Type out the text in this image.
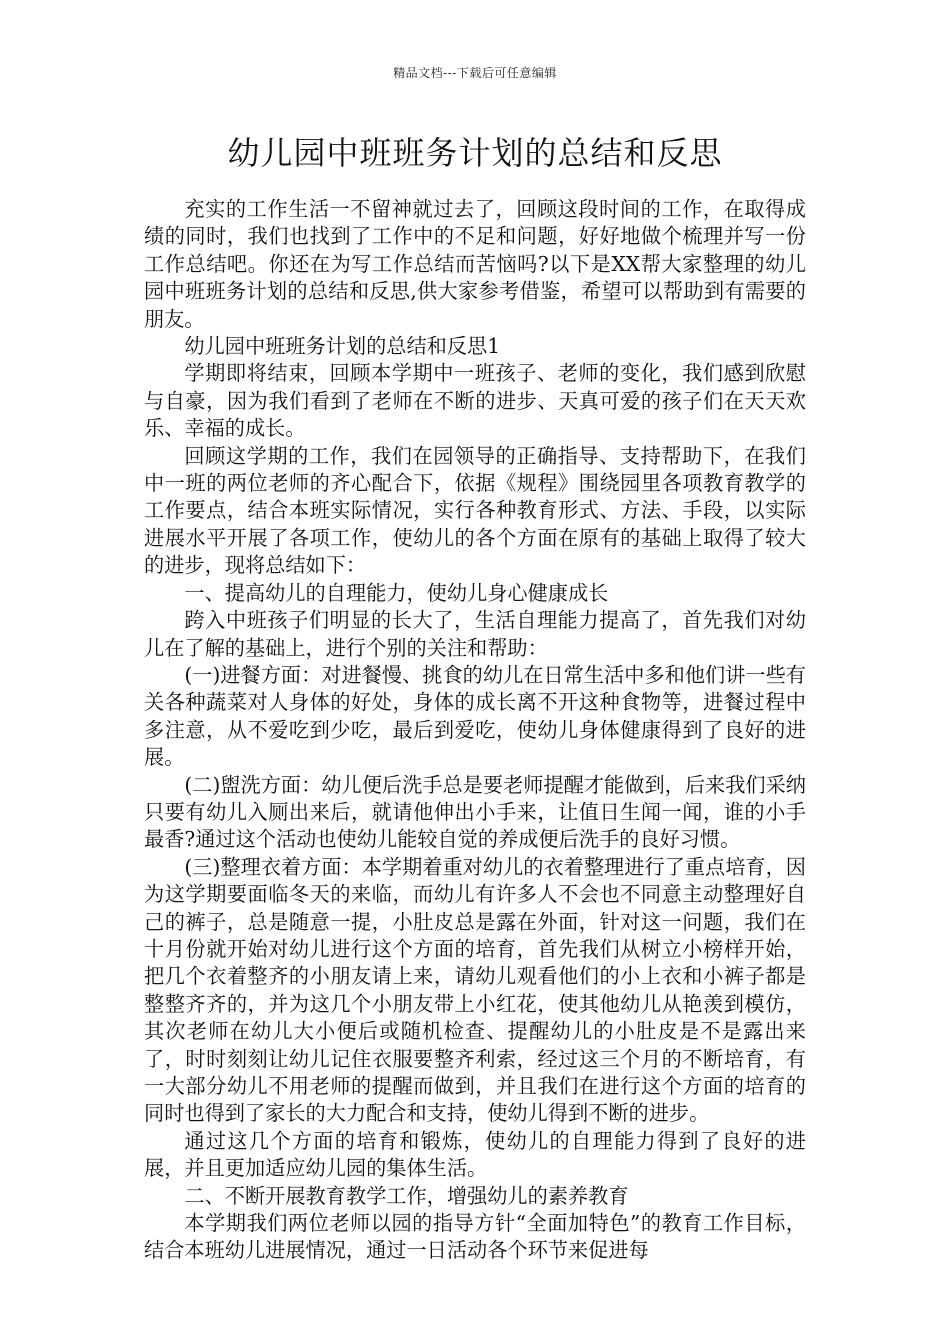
精品文档---下载后可任意编辑
幼儿园中班班务计划的总结和反思

充实的工作生活一不留神就过去了，回顾这段时间的工作，在取得成绩的同时，我们也找到了工作中的不足和问题，好好地做个梳理并写一份工作总结吧。你还在为写工作总结而苦恼吗?以下是XX帮大家整理的幼儿园中班班务计划的总结和反思,供大家参考借鉴，希望可以帮助到有需要的朋友。

幼儿园中班班务计划的总结和反思1

学期即将结束，回顾本学期中一班孩子、老师的变化，我们感到欣慰与自豪，因为我们看到了老师在不断的进步、天真可爱的孩子们在天天欢乐、幸福的成长。

回顾这学期的工作，我们在园领导的正确指导、支持帮助下，在我们中一班的两位老师的齐心配合下，依据《规程》围绕园里各项教育教学的工作要点，结合本班实际情况，实行各种教育形式、方法、手段，以实际进展水平开展了各项工作，使幼儿的各个方面在原有的基础上取得了较大的进步，现将总结如下：

一、提高幼儿的自理能力，使幼儿身心健康成长

跨入中班孩子们明显的长大了，生活自理能力提高了，首先我们对幼儿在了解的基础上，进行个别的关注和帮助：

(一)进餐方面：对进餐慢、挑食的幼儿在日常生活中多和他们讲一些有关各种蔬菜对人身体的好处，身体的成长离不开这种食物等，进餐过程中多注意，从不爱吃到少吃，最后到爱吃，使幼儿身体健康得到了良好的进展。

(二)盥洗方面：幼儿便后洗手总是要老师提醒才能做到，后来我们采纳只要有幼儿入厕出来后，就请他伸出小手来，让值日生闻一闻，谁的小手最香?通过这个活动也使幼儿能较自觉的养成便后洗手的良好习惯。

(三)整理衣着方面：本学期着重对幼儿的衣着整理进行了重点培育，因为这学期要面临冬天的来临，而幼儿有许多人不会也不同意主动整理好自己的裤子，总是随意一提，小肚皮总是露在外面，针对这一问题，我们在十月份就开始对幼儿进行这个方面的培育，首先我们从树立小榜样开始，把几个衣着整齐的小朋友请上来，请幼儿观看他们的小上衣和小裤子都是整整齐齐的，并为这几个小朋友带上小红花，使其他幼儿从艳羡到模仿，其次老师在幼儿大小便后或随机检查、提醒幼儿的小肚皮是不是露出来了，时时刻刻让幼儿记住衣服要整齐利索，经过这三个月的不断培育，有一大部分幼儿不用老师的提醒而做到，并且我们在进行这个方面的培育的同时也得到了家长的大力配合和支持，使幼儿得到不断的进步。

通过这几个方面的培育和锻炼，使幼儿的自理能力得到了良好的进展，并且更加适应幼儿园的集体生活。

二、不断开展教育教学工作，增强幼儿的素养教育

本学期我们两位老师以园的指导方针“全面加特色”的教育工作目标，结合本班幼儿进展情况，通过一日活动各个环节来促进每
